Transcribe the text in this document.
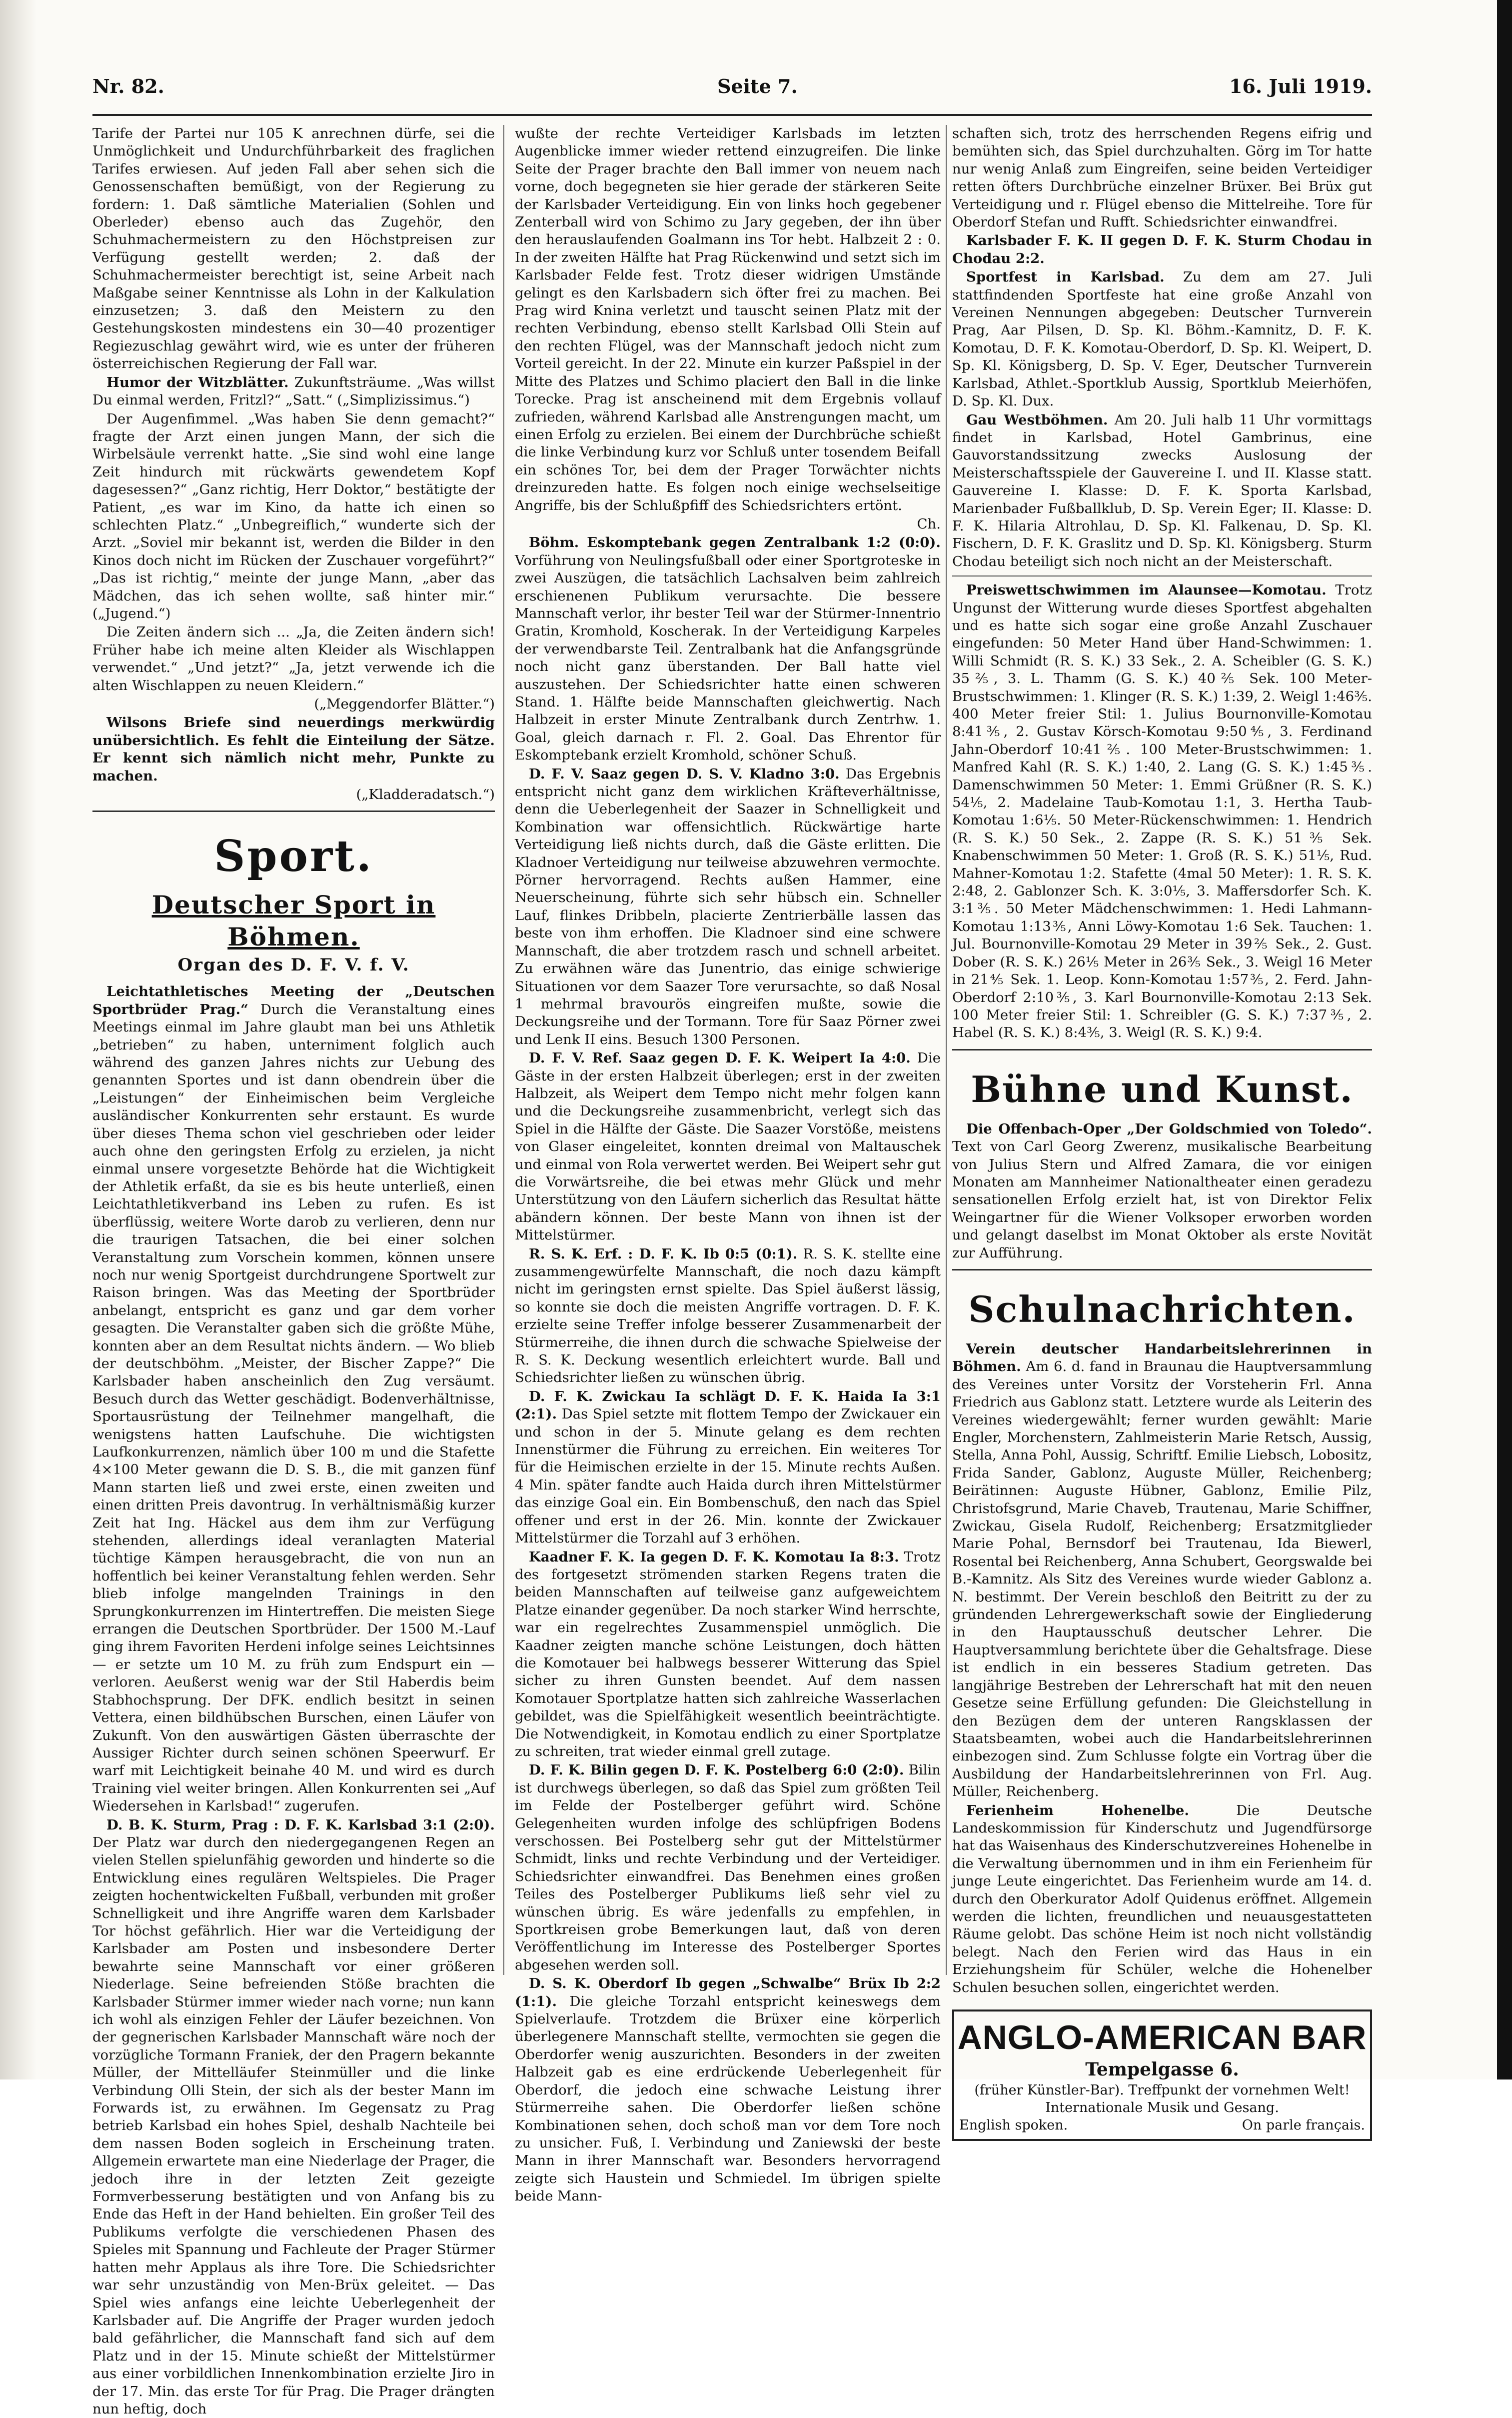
Nr. 82.	Seite 7.	16. Juli 1919.

Tarife der Partei nur 105 K anrechnen dürfe, sei die Unmöglichkeit und Undurchführbarkeit des fraglichen Tarifes erwiesen. Auf jeden Fall aber sehen sich die Genossenschaften bemüßigt, von der Regierung zu fordern: 1. Daß sämtliche Materialien (Sohlen und Oberleder) ebenso auch das Zugehör, den Schuhmachermeistern zu den Höchstpreisen zur Verfügung gestellt werden; 2. daß der Schuhmachermeister berechtigt ist, seine Arbeit nach Maßgabe seiner Kenntnisse als Lohn in der Kalkulation einzusetzen; 3. daß den Meistern zu den Gestehungskosten mindestens ein 30—40 prozentiger Regiezuschlag gewährt wird, wie es unter der früheren österreichischen Regierung der Fall war.

Humor der Witzblätter. Zukunftsträume. „Was willst Du einmal werden, Fritzl?“ „Satt.“ („Simplizissimus.“)

Der Augenfimmel. „Was haben Sie denn gemacht?“ fragte der Arzt einen jungen Mann, der sich die Wirbelsäule verrenkt hatte. „Sie sind wohl eine lange Zeit hindurch mit rückwärts gewendetem Kopf dagesessen?“ „Ganz richtig, Herr Doktor,“ bestätigte der Patient, „es war im Kino, da hatte ich einen so schlechten Platz.“ „Unbegreiflich,“ wunderte sich der Arzt. „Soviel mir bekannt ist, werden die Bilder in den Kinos doch nicht im Rücken der Zuschauer vorgeführt?“ „Das ist richtig,“ meinte der junge Mann, „aber das Mädchen, das ich sehen wollte, saß hinter mir.“ („Jugend.“)

Die Zeiten ändern sich ... „Ja, die Zeiten ändern sich! Früher habe ich meine alten Kleider als Wischlappen verwendet.“ „Und jetzt?“ „Ja, jetzt verwende ich die alten Wischlappen zu neuen Kleidern.“

(„Meggendorfer Blätter.“)

Wilsons Briefe sind neuerdings merkwürdig unübersichtlich. Es fehlt die Einteilung der Sätze. Er kennt sich nämlich nicht mehr, Punkte zu machen.

(„Kladderadatsch.“)

Sport.
Deutscher Sport in Böhmen.
Organ des D. F. V. f. V.

Leichtathletisches Meeting der „Deutschen Sportbrüder Prag.“ Durch die Veranstaltung eines Meetings einmal im Jahre glaubt man bei uns Athletik „betrieben“ zu haben, unterniment folglich auch während des ganzen Jahres nichts zur Uebung des genannten Sportes und ist dann obendrein über die „Leistungen“ der Einheimischen beim Vergleiche ausländischer Konkurrenten sehr erstaunt. Es wurde über dieses Thema schon viel geschrieben oder leider auch ohne den geringsten Erfolg zu erzielen, ja nicht einmal unsere vorgesetzte Behörde hat die Wichtigkeit der Athletik erfaßt, da sie es bis heute unterließ, einen Leichtathletikverband ins Leben zu rufen. Es ist überflüssig, weitere Worte darob zu verlieren, denn nur die traurigen Tatsachen, die bei einer solchen Veranstaltung zum Vorschein kommen, können unsere noch nur wenig Sportgeist durchdrungene Sportwelt zur Raison bringen. Was das Meeting der Sportbrüder anbelangt, entspricht es ganz und gar dem vorher gesagten. Die Veranstalter gaben sich die größte Mühe, konnten aber an dem Resultat nichts ändern. — Wo blieb der deutschböhm. „Meister, der Bischer Zappe?“ Die Karlsbader haben anscheinlich den Zug versäumt. Besuch durch das Wetter geschädigt. Bodenverhältnisse, Sportausrüstung der Teilnehmer mangelhaft, die wenigstens hatten Laufschuhe. Die wichtigsten Laufkonkurrenzen, nämlich über 100 m und die Stafette 4×100 Meter gewann die D. S. B., die mit ganzen fünf Mann starten ließ und zwei erste, einen zweiten und einen dritten Preis davontrug. In verhältnismäßig kurzer Zeit hat Ing. Häckel aus dem ihm zur Verfügung stehenden, allerdings ideal veranlagten Material tüchtige Kämpen herausgebracht, die von nun an hoffentlich bei keiner Veranstaltung fehlen werden. Sehr blieb infolge mangelnden Trainings in den Sprungkonkurrenzen im Hintertreffen. Die meisten Siege errangen die Deutschen Sportbrüder. Der 1500 M.-Lauf ging ihrem Favoriten Herdeni infolge seines Leichtsinnes — er setzte um 10 M. zu früh zum Endspurt ein — verloren. Aeußerst wenig war der Stil Haberdis beim Stabhochsprung. Der DFK. endlich besitzt in seinen Vettera, einen bildhübschen Burschen, einen Läufer von Zukunft. Von den auswärtigen Gästen überraschte der Aussiger Richter durch seinen schönen Speerwurf. Er warf mit Leichtigkeit beinahe 40 M. und wird es durch Training viel weiter bringen. Allen Konkurrenten sei „Auf Wiedersehen in Karlsbad!“ zugerufen.

D. B. K. Sturm, Prag : D. F. K. Karlsbad 3:1 (2:0). Der Platz war durch den niedergegangenen Regen an vielen Stellen spielunfähig geworden und hinderte so die Entwicklung eines regulären Weltspieles. Die Prager zeigten hochentwickelten Fußball, verbunden mit großer Schnelligkeit und ihre Angriffe waren dem Karlsbader Tor höchst gefährlich. Hier war die Verteidigung der Karlsbader am Posten und insbesondere Derter bewahrte seine Mannschaft vor einer größeren Niederlage. Seine befreienden Stöße brachten die Karlsbader Stürmer immer wieder nach vorne; nun kann ich wohl als einzigen Fehler der Läufer bezeichnen. Von der gegnerischen Karlsbader Mannschaft wäre noch der vorzügliche Tormann Franiek, der den Pragern bekannte Müller, der Mittelläufer Steinmüller und die linke Verbindung Olli Stein, der sich als der bester Mann im Forwards ist, zu erwähnen. Im Gegensatz zu Prag betrieb Karlsbad ein hohes Spiel, deshalb Nachteile bei dem nassen Boden sogleich in Erscheinung traten. Allgemein erwartete man eine Niederlage der Prager, die jedoch ihre in der letzten Zeit gezeigte Formverbesserung bestätigten und von Anfang bis zu Ende das Heft in der Hand behielten. Ein großer Teil des Publikums verfolgte die verschiedenen Phasen des Spieles mit Spannung und Fachleute der Prager Stürmer hatten mehr Applaus als ihre Tore. Die Schiedsrichter war sehr unzuständig von Men-Brüx geleitet. — Das Spiel wies anfangs eine leichte Ueberlegenheit der Karlsbader auf. Die Angriffe der Prager wurden jedoch bald gefährlicher, die Mannschaft fand sich auf dem Platz und in der 15. Minute schießt der Mittelstürmer aus einer vorbildlichen Innenkombination erzielte Jiro in der 17. Min. das erste Tor für Prag. Die Prager drängten nun heftig, doch

wußte der rechte Verteidiger Karlsbads im letzten Augenblicke immer wieder rettend einzugreifen. Die linke Seite der Prager brachte den Ball immer von neuem nach vorne, doch begegneten sie hier gerade der stärkeren Seite der Karlsbader Verteidigung. Ein von links hoch gegebener Zenterball wird von Schimo zu Jary gegeben, der ihn über den herauslaufenden Goalmann ins Tor hebt. Halbzeit 2 : 0. In der zweiten Hälfte hat Prag Rückenwind und setzt sich im Karlsbader Felde fest. Trotz dieser widrigen Umstände gelingt es den Karlsbadern sich öfter frei zu machen. Bei Prag wird Knina verletzt und tauscht seinen Platz mit der rechten Verbindung, ebenso stellt Karlsbad Olli Stein auf den rechten Flügel, was der Mannschaft jedoch nicht zum Vorteil gereicht. In der 22. Minute ein kurzer Paßspiel in der Mitte des Platzes und Schimo placiert den Ball in die linke Torecke. Prag ist anscheinend mit dem Ergebnis vollauf zufrieden, während Karlsbad alle Anstrengungen macht, um einen Erfolg zu erzielen. Bei einem der Durchbrüche schießt die linke Verbindung kurz vor Schluß unter tosendem Beifall ein schönes Tor, bei dem der Prager Torwächter nichts dreinzureden hatte. Es folgen noch einige wechselseitige Angriffe, bis der Schlußpfiff des Schiedsrichters ertönt.

Ch.

Böhm. Eskomptebank gegen Zentralbank 1:2 (0:0). Vorführung von Neulingsfußball oder einer Sportgroteske in zwei Auszügen, die tatsächlich Lachsalven beim zahlreich erschienenen Publikum verursachte. Die bessere Mannschaft verlor, ihr bester Teil war der Stürmer-Innentrio Gratin, Kromhold, Koscherak. In der Verteidigung Karpeles der verwendbarste Teil. Zentralbank hat die Anfangsgründe noch nicht ganz überstanden. Der Ball hatte viel auszustehen. Der Schiedsrichter hatte einen schweren Stand. 1. Hälfte beide Mannschaften gleichwertig. Nach Halbzeit in erster Minute Zentralbank durch Zentrhw. 1. Goal, gleich darnach r. Fl. 2. Goal. Das Ehrentor für Eskomptebank erzielt Kromhold, schöner Schuß.

D. F. V. Saaz gegen D. S. V. Kladno 3:0. Das Ergebnis entspricht nicht ganz dem wirklichen Kräfteverhältnisse, denn die Ueberlegenheit der Saazer in Schnelligkeit und Kombination war offensichtlich. Rückwärtige harte Verteidigung ließ nichts durch, daß die Gäste erlitten. Die Kladnoer Verteidigung nur teilweise abzuwehren vermochte. Pörner hervorragend. Rechts außen Hammer, eine Neuerscheinung, führte sich sehr hübsch ein. Schneller Lauf, flinkes Dribbeln, placierte Zentrierbälle lassen das beste von ihm erhoffen. Die Kladnoer sind eine schwere Mannschaft, die aber trotzdem rasch und schnell arbeitet. Zu erwähnen wäre das Junentrio, das einige schwierige Situationen vor dem Saazer Tore verursachte, so daß Nosal 1 mehrmal bravourös eingreifen mußte, sowie die Deckungsreihe und der Tormann. Tore für Saaz Pörner zwei und Lenk II eins. Besuch 1300 Personen.

D. F. V. Ref. Saaz gegen D. F. K. Weipert Ia 4:0. Die Gäste in der ersten Halbzeit überlegen; erst in der zweiten Halbzeit, als Weipert dem Tempo nicht mehr folgen kann und die Deckungsreihe zusammenbricht, verlegt sich das Spiel in die Hälfte der Gäste. Die Saazer Vorstöße, meistens von Glaser eingeleitet, konnten dreimal von Maltauschek und einmal von Rola verwertet werden. Bei Weipert sehr gut die Vorwärtsreihe, die bei etwas mehr Glück und mehr Unterstützung von den Läufern sicherlich das Resultat hätte abändern können. Der beste Mann von ihnen ist der Mittelstürmer.

R. S. K. Erf. : D. F. K. Ib 0:5 (0:1). R. S. K. stellte eine zusammengewürfelte Mannschaft, die noch dazu kämpft nicht im geringsten ernst spielte. Das Spiel äußerst lässig, so konnte sie doch die meisten Angriffe vortragen. D. F. K. erzielte seine Treffer infolge besserer Zusammenarbeit der Stürmerreihe, die ihnen durch die schwache Spielweise der R. S. K. Deckung wesentlich erleichtert wurde. Ball und Schiedsrichter ließen zu wünschen übrig.

D. F. K. Zwickau Ia schlägt D. F. K. Haida Ia 3:1 (2:1). Das Spiel setzte mit flottem Tempo der Zwickauer ein und schon in der 5. Minute gelang es dem rechten Innenstürmer die Führung zu erreichen. Ein weiteres Tor für die Heimischen erzielte in der 15. Minute rechts Außen. 4 Min. später fandte auch Haida durch ihren Mittelstürmer das einzige Goal ein. Ein Bombenschuß, den nach das Spiel offener und erst in der 26. Min. konnte der Zwickauer Mittelstürmer die Torzahl auf 3 erhöhen.

Kaadner F. K. Ia gegen D. F. K. Komotau Ia 8:3. Trotz des fortgesetzt strömenden starken Regens traten die beiden Mannschaften auf teilweise ganz aufgeweichtem Platze einander gegenüber. Da noch starker Wind herrschte, war ein regelrechtes Zusammenspiel unmöglich. Die Kaadner zeigten manche schöne Leistungen, doch hätten die Komotauer bei halbwegs besserer Witterung das Spiel sicher zu ihren Gunsten beendet. Auf dem nassen Komotauer Sportplatze hatten sich zahlreiche Wasserlachen gebildet, was die Spielfähigkeit wesentlich beeinträchtigte. Die Notwendigkeit, in Komotau endlich zu einer Sportplatze zu schreiten, trat wieder einmal grell zutage.

D. F. K. Bilin gegen D. F. K. Postelberg 6:0 (2:0). Bilin ist durchwegs überlegen, so daß das Spiel zum größten Teil im Felde der Postelberger geführt wird. Schöne Gelegenheiten wurden infolge des schlüpfrigen Bodens verschossen. Bei Postelberg sehr gut der Mittelstürmer Schmidt, links und rechte Verbindung und der Verteidiger. Schiedsrichter einwandfrei. Das Benehmen eines großen Teiles des Postelberger Publikums ließ sehr viel zu wünschen übrig. Es wäre jedenfalls zu empfehlen, in Sportkreisen grobe Bemerkungen laut, daß von deren Veröffentlichung im Interesse des Postelberger Sportes abgesehen werden soll.

D. S. K. Oberdorf Ib gegen „Schwalbe“ Brüx Ib 2:2 (1:1). Die gleiche Torzahl entspricht keineswegs dem Spielverlaufe. Trotzdem die Brüxer eine körperlich überlegenere Mannschaft stellte, vermochten sie gegen die Oberdorfer wenig auszurichten. Besonders in der zweiten Halbzeit gab es eine erdrückende Ueberlegenheit für Oberdorf, die jedoch eine schwache Leistung ihrer Stürmerreihe sahen. Die Oberdorfer ließen schöne Kombinationen sehen, doch schoß man vor dem Tore noch zu unsicher. Fuß, I. Verbindung und Zaniewski der beste Mann in ihrer Mannschaft war. Besonders hervorragend zeigte sich Haustein und Schmiedel. Im übrigen spielte beide Mann-

schaften sich, trotz des herrschenden Regens eifrig und bemühten sich, das Spiel durchzuhalten. Görg im Tor hatte nur wenig Anlaß zum Eingreifen, seine beiden Verteidiger retten öfters Durchbrüche einzelner Brüxer. Bei Brüx gut Verteidigung und r. Flügel ebenso die Mittelreihe. Tore für Oberdorf Stefan und Rufft. Schiedsrichter einwandfrei.

Karlsbader F. K. II gegen D. F. K. Sturm Chodau in Chodau 2:2.

Sportfest in Karlsbad. Zu dem am 27. Juli stattfindenden Sportfeste hat eine große Anzahl von Vereinen Nennungen abgegeben: Deutscher Turnverein Prag, Aar Pilsen, D. Sp. Kl. Böhm.-Kamnitz, D. F. K. Komotau, D. F. K. Komotau-Oberdorf, D. Sp. Kl. Weipert, D. Sp. Kl. Königsberg, D. Sp. V. Eger, Deutscher Turnverein Karlsbad, Athlet.-Sportklub Aussig, Sportklub Meierhöfen, D. Sp. Kl. Dux.

Gau Westböhmen. Am 20. Juli halb 11 Uhr vormittags findet in Karlsbad, Hotel Gambrinus, eine Gauvorstandssitzung zwecks Auslosung der Meisterschaftsspiele der Gauvereine I. und II. Klasse statt. Gauvereine I. Klasse: D. F. K. Sporta Karlsbad, Marienbader Fußballklub, D. Sp. Verein Eger; II. Klasse: D. F. K. Hilaria Altrohlau, D. Sp. Kl. Falkenau, D. Sp. Kl. Fischern, D. F. K. Graslitz und D. Sp. Kl. Königsberg. Sturm Chodau beteiligt sich noch nicht an der Meisterschaft.

Preiswettschwimmen im Alaunsee—Komotau. Trotz Ungunst der Witterung wurde dieses Sportfest abgehalten und es hatte sich sogar eine große Anzahl Zuschauer eingefunden: 50 Meter Hand über Hand-Schwimmen: 1. Willi Schmidt (R. S. K.) 33 Sek., 2. A. Scheibler (G. S. K.) 35⅖, 3. L. Thamm (G. S. K.) 40⅖ Sek. 100 Meter-Brustschwimmen: 1. Klinger (R. S. K.) 1:39, 2. Weigl 1:46⅗. 400 Meter freier Stil: 1. Julius Bournonville-Komotau 8:41⅗, 2. Gustav Körsch-Komotau 9:50⅘, 3. Ferdinand Jahn-Oberdorf 10:41⅖. 100 Meter-Brustschwimmen: 1. Manfred Kahl (R. S. K.) 1:40, 2. Lang (G. S. K.) 1:45⅗. Damenschwimmen 50 Meter: 1. Emmi Grüßner (R. S. K.) 54⅕, 2. Madelaine Taub-Komotau 1:1, 3. Hertha Taub-Komotau 1:6⅕. 50 Meter-Rückenschwimmen: 1. Hendrich (R. S. K.) 50 Sek., 2. Zappe (R. S. K.) 51⅗ Sek. Knabenschwimmen 50 Meter: 1. Groß (R. S. K.) 51⅕, Rud. Mahner-Komotau 1:2. Stafette (4mal 50 Meter): 1. R. S. K. 2:48, 2. Gablonzer Sch. K. 3:0⅕, 3. Maffersdorfer Sch. K. 3:1⅗. 50 Meter Mädchenschwimmen: 1. Hedi Lahmann-Komotau 1:13⅗, Anni Löwy-Komotau 1:6 Sek. Tauchen: 1. Jul. Bournonville-Komotau 29 Meter in 39⅖ Sek., 2. Gust. Dober (R. S. K.) 26⅕ Meter in 26⅗ Sek., 3. Weigl 16 Meter in 21⅘ Sek. 1. Leop. Konn-Komotau 1:57⅗, 2. Ferd. Jahn-Oberdorf 2:10⅗, 3. Karl Bournonville-Komotau 2:13 Sek. 100 Meter freier Stil: 1. Schreibler (G. S. K.) 7:37⅗, 2. Habel (R. S. K.) 8:4⅗, 3. Weigl (R. S. K.) 9:4.

Bühne und Kunst.

Die Offenbach-Oper „Der Goldschmied von Toledo“. Text von Carl Georg Zwerenz, musikalische Bearbeitung von Julius Stern und Alfred Zamara, die vor einigen Monaten am Mannheimer Nationaltheater einen geradezu sensationellen Erfolg erzielt hat, ist von Direktor Felix Weingartner für die Wiener Volksoper erworben worden und gelangt daselbst im Monat Oktober als erste Novität zur Aufführung.

Schulnachrichten.

Verein deutscher Handarbeitslehrerinnen in Böhmen. Am 6. d. fand in Braunau die Hauptversammlung des Vereines unter Vorsitz der Vorsteherin Frl. Anna Friedrich aus Gablonz statt. Letztere wurde als Leiterin des Vereines wiedergewählt; ferner wurden gewählt: Marie Engler, Morchenstern, Zahlmeisterin Marie Retsch, Aussig, Stella, Anna Pohl, Aussig, Schriftf. Emilie Liebsch, Lobositz, Frida Sander, Gablonz, Auguste Müller, Reichenberg; Beirätinnen: Auguste Hübner, Gablonz, Emilie Pilz, Christofsgrund, Marie Chaveb, Trautenau, Marie Schiffner, Zwickau, Gisela Rudolf, Reichenberg; Ersatzmitglieder Marie Pohal, Bernsdorf bei Trautenau, Ida Biewerl, Rosental bei Reichenberg, Anna Schubert, Georgswalde bei B.-Kamnitz. Als Sitz des Vereines wurde wieder Gablonz a. N. bestimmt. Der Verein beschloß den Beitritt zu der zu gründenden Lehrergewerkschaft sowie der Eingliederung in den Hauptausschuß deutscher Lehrer. Die Hauptversammlung berichtete über die Gehaltsfrage. Diese ist endlich in ein besseres Stadium getreten. Das langjährige Bestreben der Lehrerschaft hat mit den neuen Gesetze seine Erfüllung gefunden: Die Gleichstellung in den Bezügen dem der unteren Rangsklassen der Staatsbeamten, wobei auch die Handarbeitslehrerinnen einbezogen sind. Zum Schlusse folgte ein Vortrag über die Ausbildung der Handarbeitslehrerinnen von Frl. Aug. Müller, Reichenberg.

Ferienheim Hohenelbe.	Die Deutsche Landeskommission für Kinderschutz und Jugendfürsorge hat das Waisenhaus des Kinderschutzvereines Hohenelbe in die Verwaltung übernommen und in ihm ein Ferienheim für junge Leute eingerichtet. Das Ferienheim wurde am 14. d. durch den Oberkurator Adolf Quidenus eröffnet. Allgemein werden die lichten, freundlichen und neuausgestatteten Räume gelobt. Das schöne Heim ist noch nicht vollständig belegt. Nach den Ferien wird das Haus in ein Erziehungsheim für Schüler, welche die Hohenelber Schulen besuchen sollen, eingerichtet werden.

ANGLO-AMERICAN BAR
Tempelgasse 6.
(früher Künstler-Bar). Treffpunkt der vornehmen Welt! Internationale Musik und Gesang.
English spoken.	On parle français.
